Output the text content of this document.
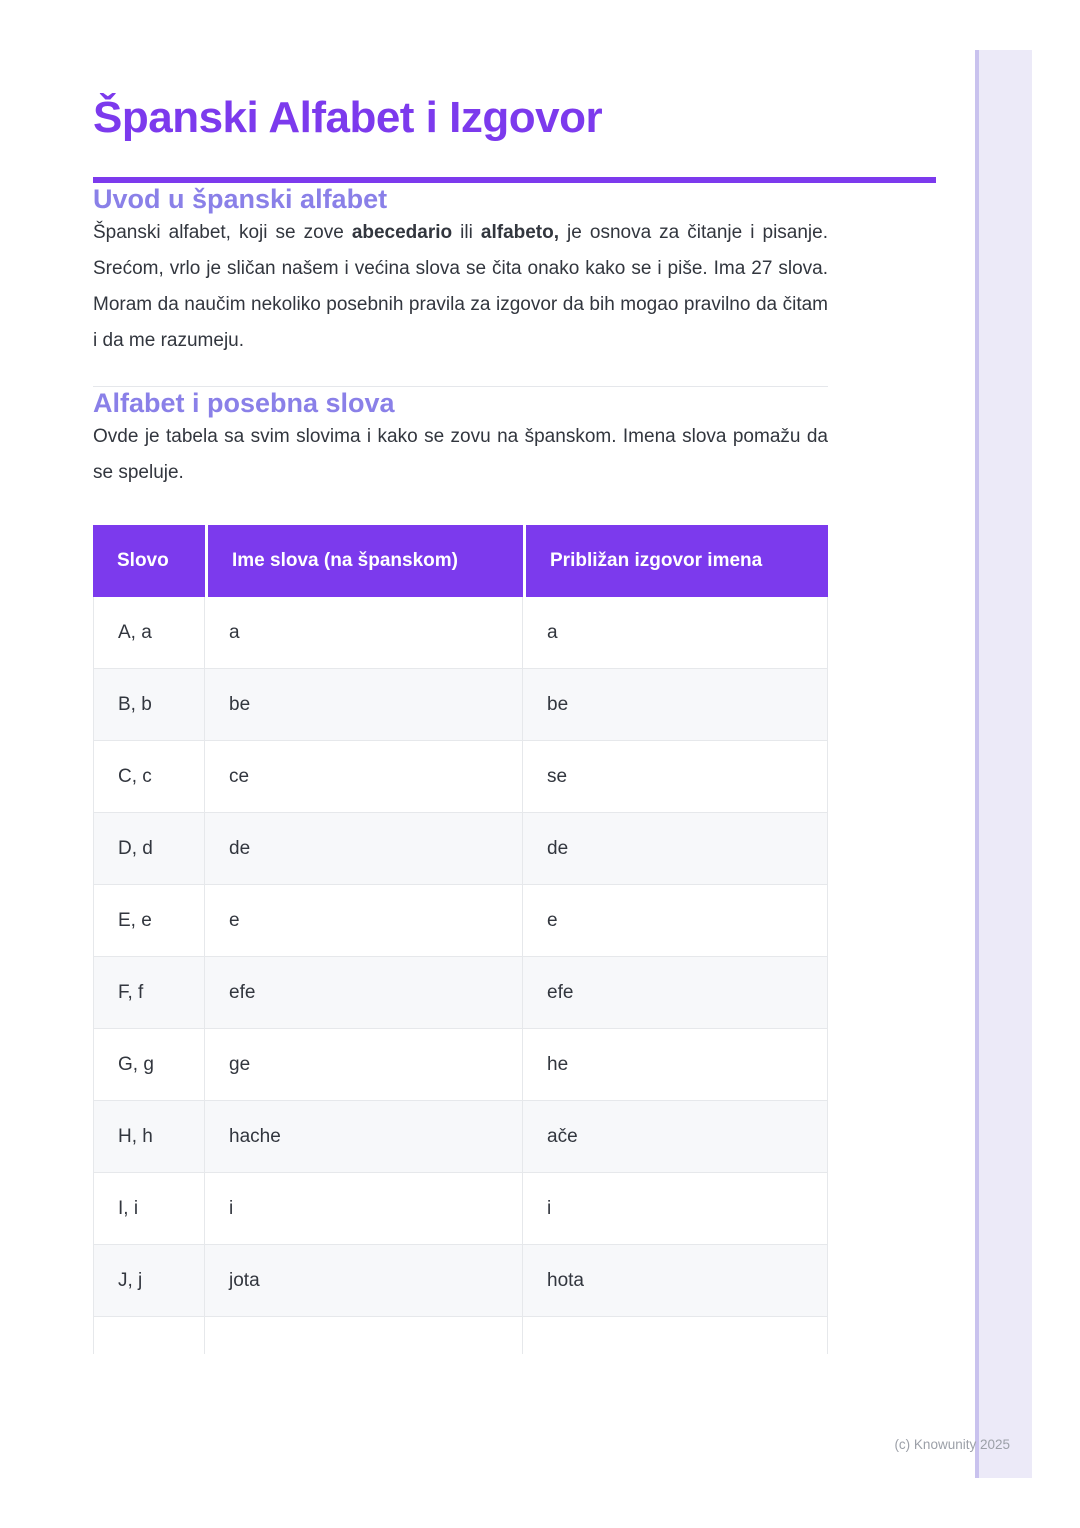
Španski Alfabet i Izgovor
Uvod u španski alfabet

Španski alfabet, koji se zove abecedario ili alfabeto, je osnova za čitanje i pisanje. Srećom, vrlo je sličan našem i većina slova se čita onako kako se i piše. Ima 27 slova. Moram da naučim nekoliko posebnih pravila za izgovor da bih mogao pravilno da čitam i da me razumeju.

Alfabet i posebna slova

Ovde je tabela sa svim slovima i kako se zovu na španskom. Imena slova pomažu da se speluje.

Slovo	Ime slova (na španskom)	Približan izgovor imena
A, a	a	a
B, b	be	be
C, c	ce	se
D, d	de	de
E, e	e	e
F, f	efe	efe
G, g	ge	he
H, h	hache	ače
I, i	i	i
J, j	jota	hota

(c) Knowunity 2025
